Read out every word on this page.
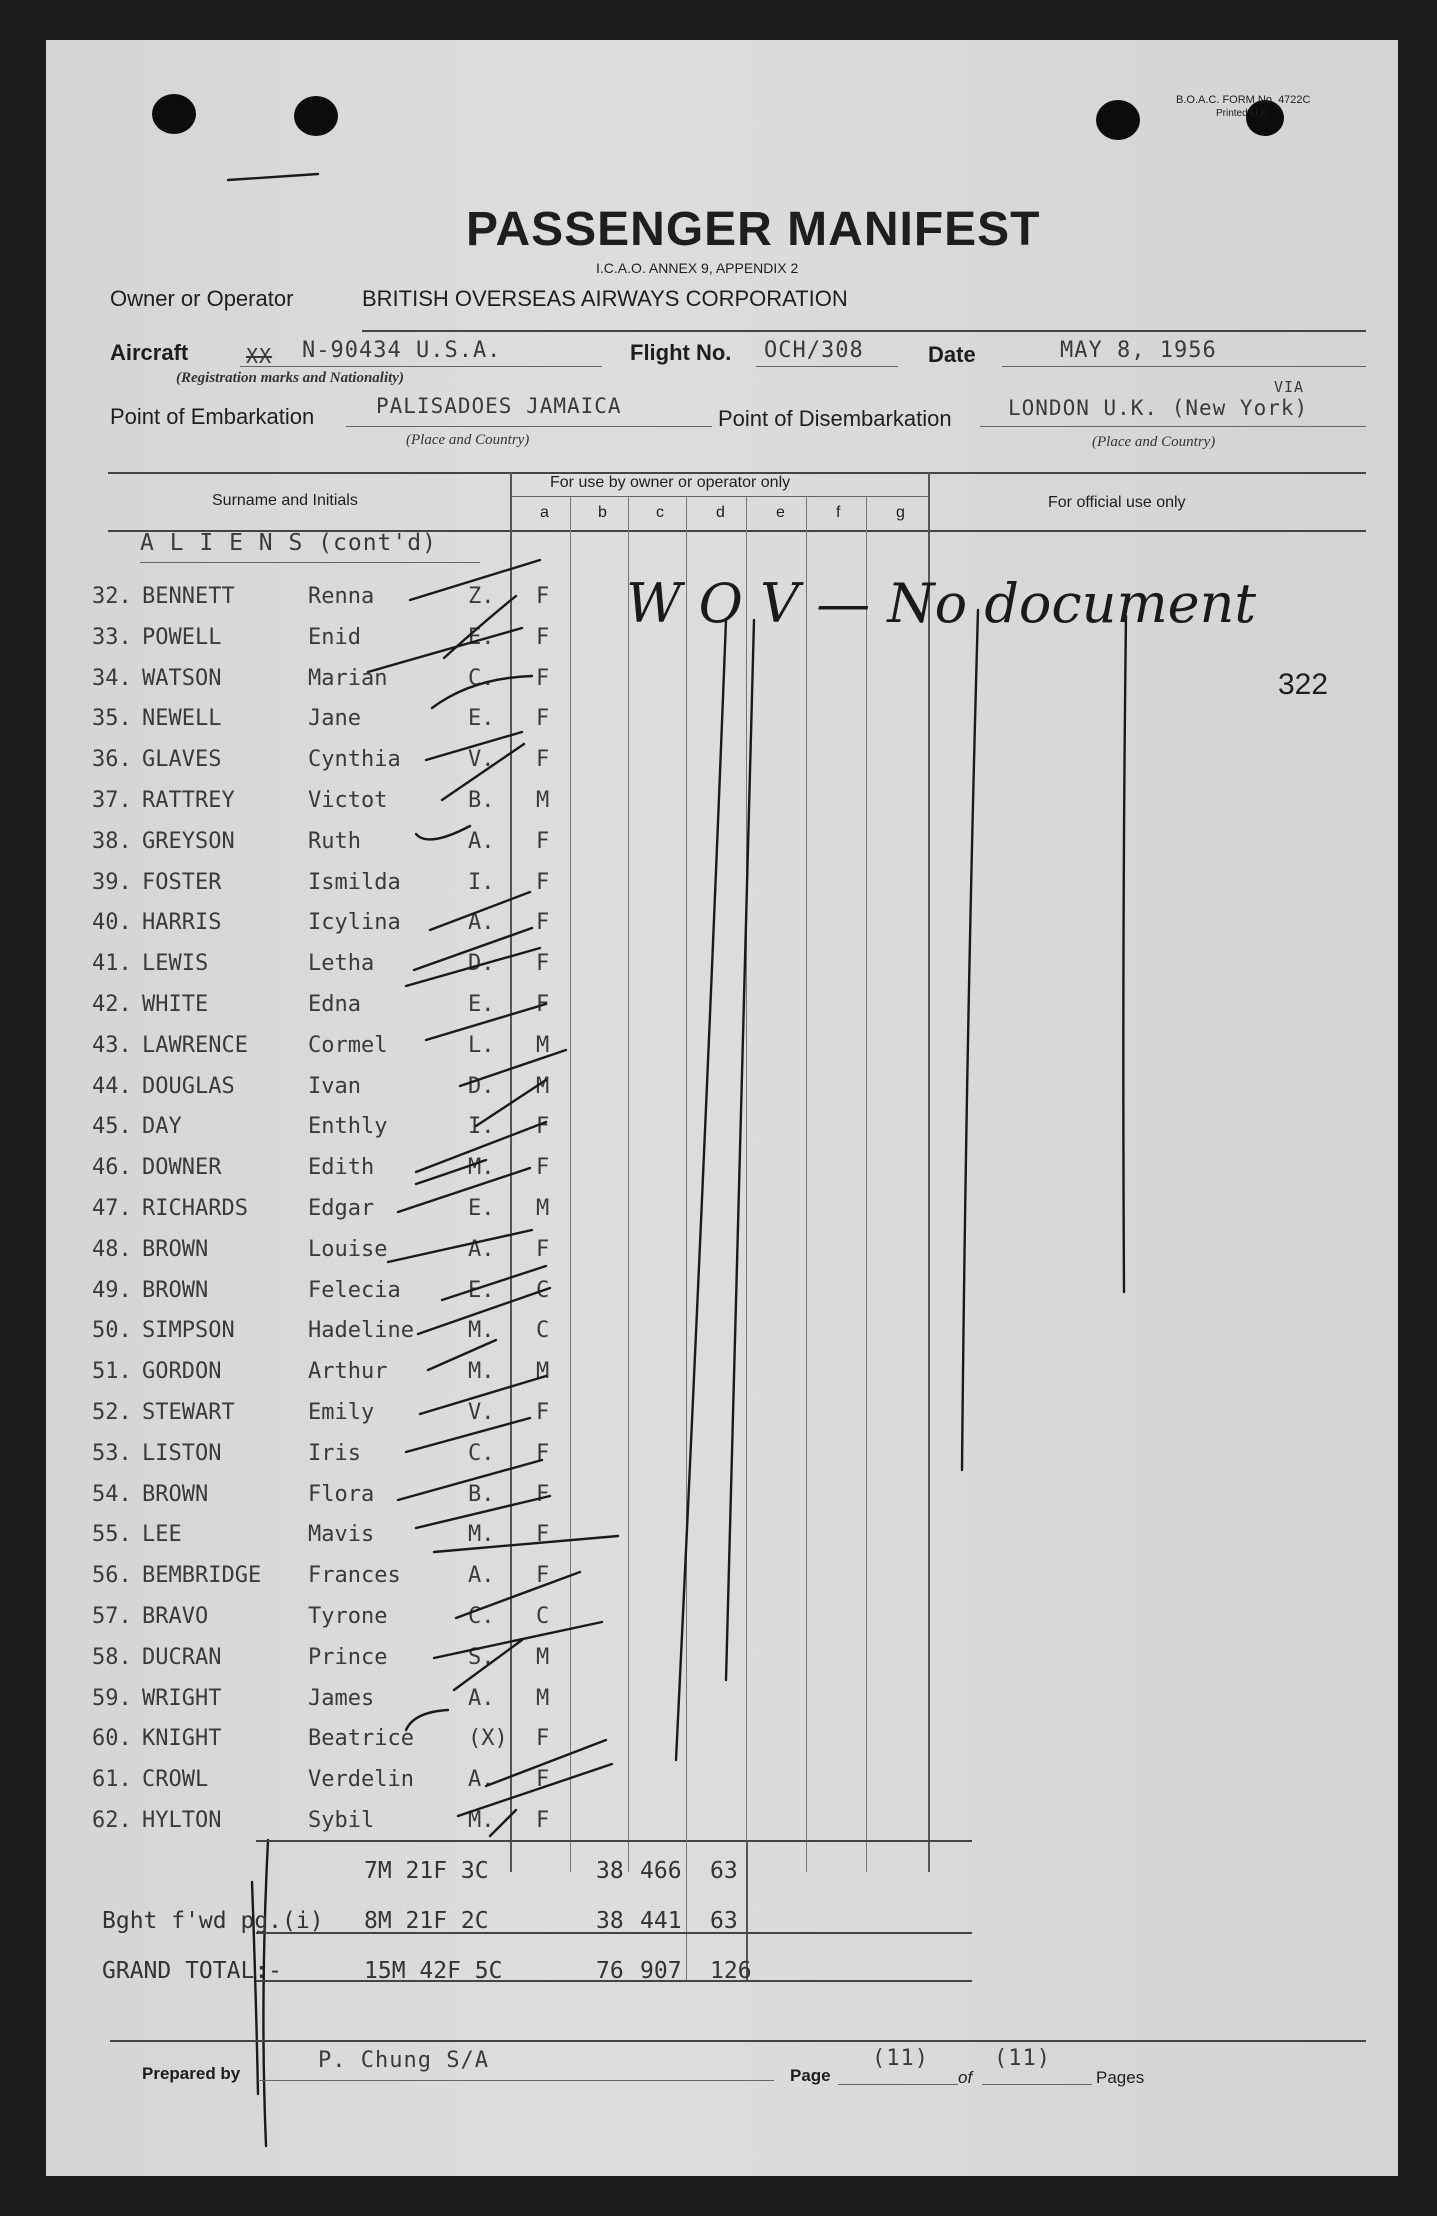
B.O.A.C. FORM No. 4722C
Printed U.K.
PASSENGER MANIFEST
I.C.A.O. ANNEX 9, APPENDIX 2
Owner or Operator	BRITISH OVERSEAS AIRWAYS CORPORATION
Aircraft	XX N-90434 U.S.A.
(Registration marks and Nationality)
Flight No. OCH/308	Date	MAY 8, 1956
Point of Embarkation	PALISADOES JAMAICA
(Place and Country)
Point of Disembarkation	LONDON U.K. (New York)
VIA
(Place and Country)
Surname and Initials
For use by owner or operator only
For official use only
a	b	c	d	e	f	g
A L I E N S (cont'd)
32. BENNETT	Renna	Z. F
33. POWELL	Enid	E. F
34. WATSON	Marian	C. F
35. NEWELL	Jane	E. F
36. GLAVES	Cynthia	V. F
37. RATTREY	Victot	B. M
38. GREYSON	Ruth	A. F
39. FOSTER	Ismilda	I. F
40. HARRIS	Icylina	A. F
41. LEWIS	Letha	D. F
42. WHITE	Edna	E. F
43. LAWRENCE	Cormel	L. M
44. DOUGLAS	Ivan	D. M
45. DAY	Enthly	I. F
46. DOWNER	Edith	M. F
47. RICHARDS	Edgar	E. M
48. BROWN	Louise	A. F
49. BROWN	Felecia	E. C
50. SIMPSON	Hadeline M. C
51. GORDON	Arthur	M. M
52. STEWART	Emily	V. F
53. LISTON	Iris	C. F
54. BROWN	Flora	B. F
55. LEE	Mavis	M. F
56. BEMBRIDGE Frances	A. F
57. BRAVO	Tyrone	C. C
58. DUCRAN	Prince	S. M
59. WRIGHT	James	A. M
60. KNIGHT	Beatrice (X) F
61. CROWL	Verdelin A. F
62. HYLTON	Sybil	M. F
W O V — No document
322
7M 21F 3C	38 466 63
Bght f'wd pg.(i) 8M 21F 2C	38 441 63
GRAND TOTAL:-	15M 42F 5C	76 907 126
Prepared by
P. Chung S/A
Page
(11)
of
(11)
Pages
